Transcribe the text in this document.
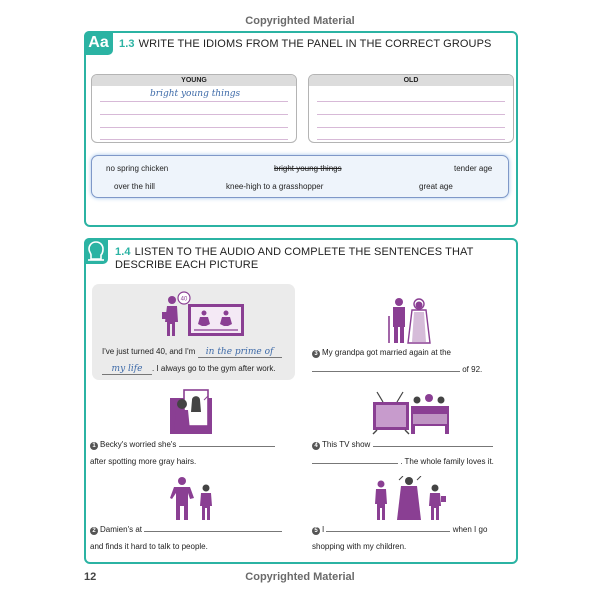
Copyrighted Material
Aa 1.3 WRITE THE IDIOMS FROM THE PANEL IN THE CORRECT GROUPS
YOUNG
bright young things
OLD
no spring chicken	bright young things	tender age
over the hill	knee-high to a grasshopper	great age
1.4 LISTEN TO THE AUDIO AND COMPLETE THE SENTENCES THAT DESCRIBE EACH PICTURE
40
I've just turned 40, and I'm in the prime of
my life . I always go to the gym after work.
3 My grandpa got married again at the
of 92.
1 Becky's worried she's
after spotting more gray hairs.
4 This TV show
. The whole family loves it.
2 Damien's at
and finds it hard to talk to people.
5 I	when I go shopping with my children.
12	Copyrighted Material
